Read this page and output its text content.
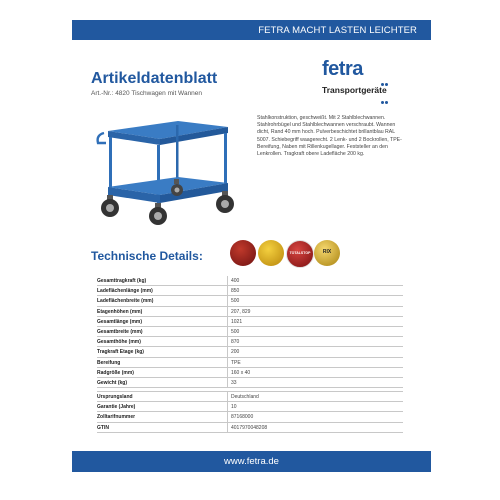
FETRA MACHT LASTEN LEICHTER
Artikeldatenblatt
Art.-Nr.: 4820 Tischwagen mit Wannen
fetra
Transportgeräte
Stahlkonstruktion, geschweißt. Mit 2 Stahlblechwannen. Stahlrohrbügel und Stahlblechwannen verschraubt. Wannen dicht, Rand 40 mm hoch. Pulverbeschichtet brillantblau RAL 5007. Schiebegriff waagerecht. 2 Lenk- und 2 Bockrollen, TPE-Bereifung, Naben mit Rillenkugellager. Feststeller an den Lenkrollen. Tragkraft obere Ladefläche 200 kg.
Technische Details:	TOTALSTOP	RIX
Gesamttragkraft (kg)	400
Ladeflächenlänge (mm)	850
Ladeflächenbreite (mm)	500
Etagenhöhen (mm)	207, 829
Gesamtlänge (mm)	1021
Gesamtbreite (mm)	500
Gesamthöhe (mm)	870
Tragkraft Etage (kg)	200
Bereifung	TPE
Radgröße (mm)	160 x 40
Gewicht (kg)	33
Ursprungsland	Deutschland
Garantie (Jahre)	10
Zolltarifnummer	87168000
GTIN	4017970048208
www.fetra.de
